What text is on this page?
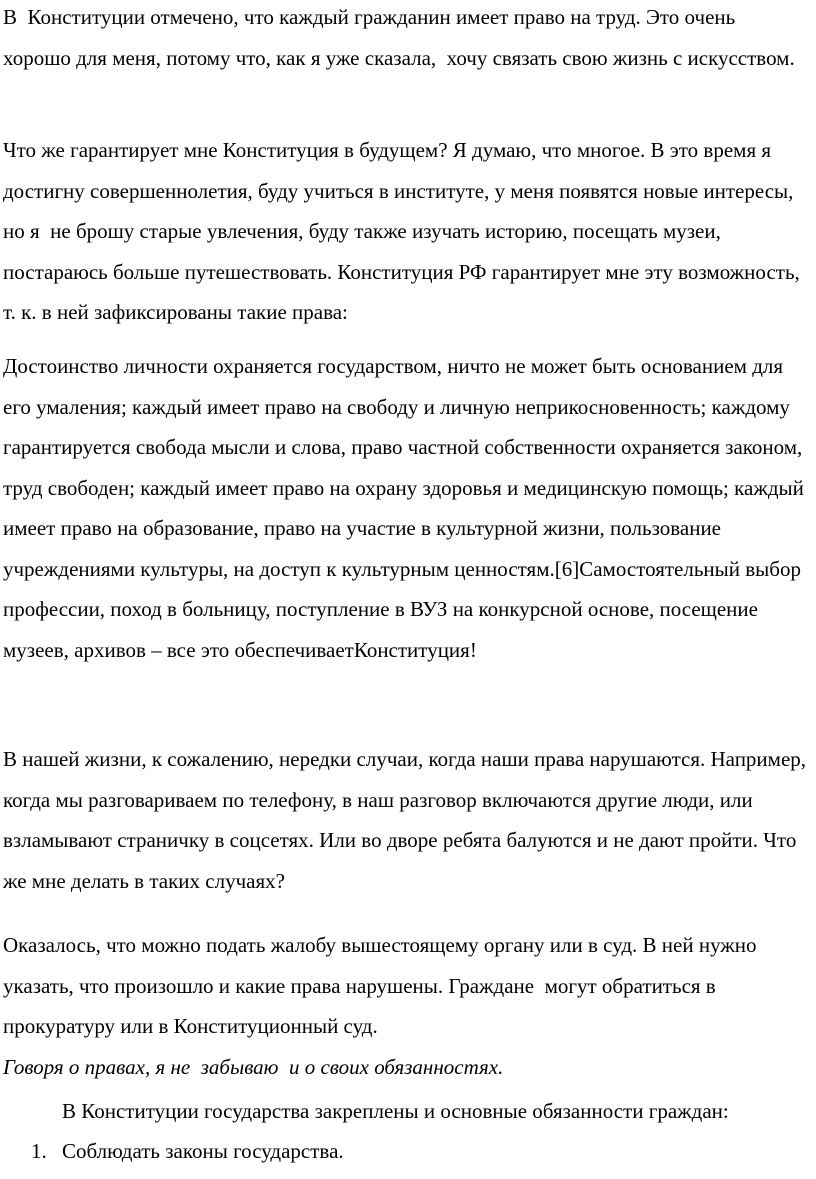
В  Конституции отмечено, что каждый гражданин имеет право на труд. Это очень хорошо для меня, потому что, как я уже сказала,  хочу связать свою жизнь с искусством.

Что же гарантирует мне Конституция в будущем? Я думаю, что многое. В это время я достигну совершеннолетия, буду учиться в институте, у меня появятся новые интересы, но я  не брошу старые увлечения, буду также изучать историю, посещать музеи, постараюсь больше путешествовать. Конституция РФ гарантирует мне эту возможность, т. к. в ней зафиксированы такие права:

Достоинство личности охраняется государством, ничто не может быть основанием для его умаления; каждый имеет право на свободу и личную неприкосновенность; каждому гарантируется свобода мысли и слова, право частной собственности охраняется законом, труд свободен; каждый имеет право на охрану здоровья и медицинскую помощь; каждый имеет право на образование, право на участие в культурной жизни, пользование учреждениями культуры, на доступ к культурным ценностям.[6]Самостоятельный выбор профессии, поход в больницу, поступление в ВУЗ на конкурсной основе, посещение музеев, архивов – все это обеспечиваетКонституция!

В нашей жизни, к сожалению, нередки случаи, когда наши права нарушаются. Например, когда мы разговариваем по телефону, в наш разговор включаются другие люди, или взламывают страничку в соцсетях. Или во дворе ребята балуются и не дают пройти. Что же мне делать в таких случаях?

Оказалось, что можно подать жалобу вышестоящему органу или в суд. В ней нужно указать, что произошло и какие права нарушены. Граждане  могут обратиться в прокуратуру или в Конституционный суд.

Говоря о правах, я не  забываю  и о своих обязанностях.

В Конституции государства закреплены и основные обязанности граждан:

1. Соблюдать законы государства.
